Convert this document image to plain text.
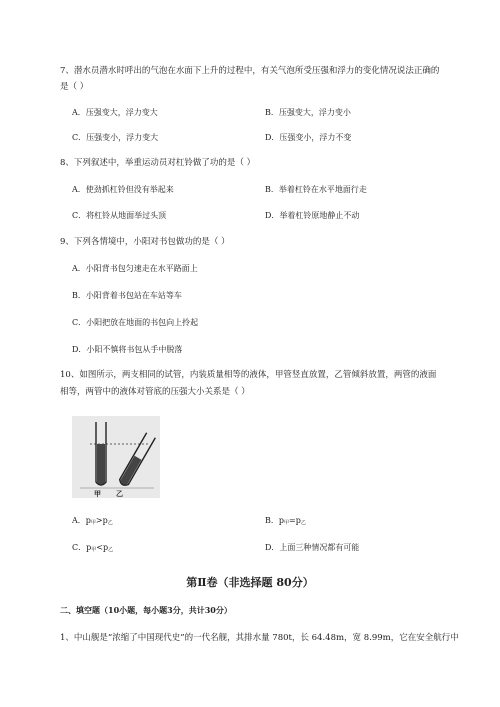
7、潜水员潜水时呼出的气泡在水面下上升的过程中，有关气泡所受压强和浮力的变化情况说法正确的
是（ ）
A．压强变大，浮力变大	B．压强变大，浮力变小
C．压强变小，浮力变大	D．压强变小，浮力不变
8、下列叙述中，举重运动员对杠铃做了功的是（ ）
A．使劲抓杠铃但没有举起来	B．举着杠铃在水平地面行走
C．将杠铃从地面举过头顶	D．举着杠铃原地静止不动
9、下列各情境中，小阳对书包做功的是（ ）
A．小阳背书包匀速走在水平路面上
B．小阳背着书包站在车站等车
C．小阳把放在地面的书包向上拎起
D．小阳不慎将书包从手中脱落
10、如图所示，两支相同的试管，内装质量相等的液体，甲管竖直放置，乙管倾斜放置，两管的液面
相等，两管中的液体对管底的压强大小关系是（ ）
甲 乙
A．$p_甲>p_乙$	B．$p_甲=p_乙$
C．$p_甲<p_乙$	D．上面三种情况都有可能
第Ⅱ卷（非选择题 80分）
二、填空题（10小题，每小题3分，共计30分）
1、中山舰是“浓缩了中国现代史”的一代名舰，其排水量 780t，长 64.48m，宽 8.99m，它在安全航行中
